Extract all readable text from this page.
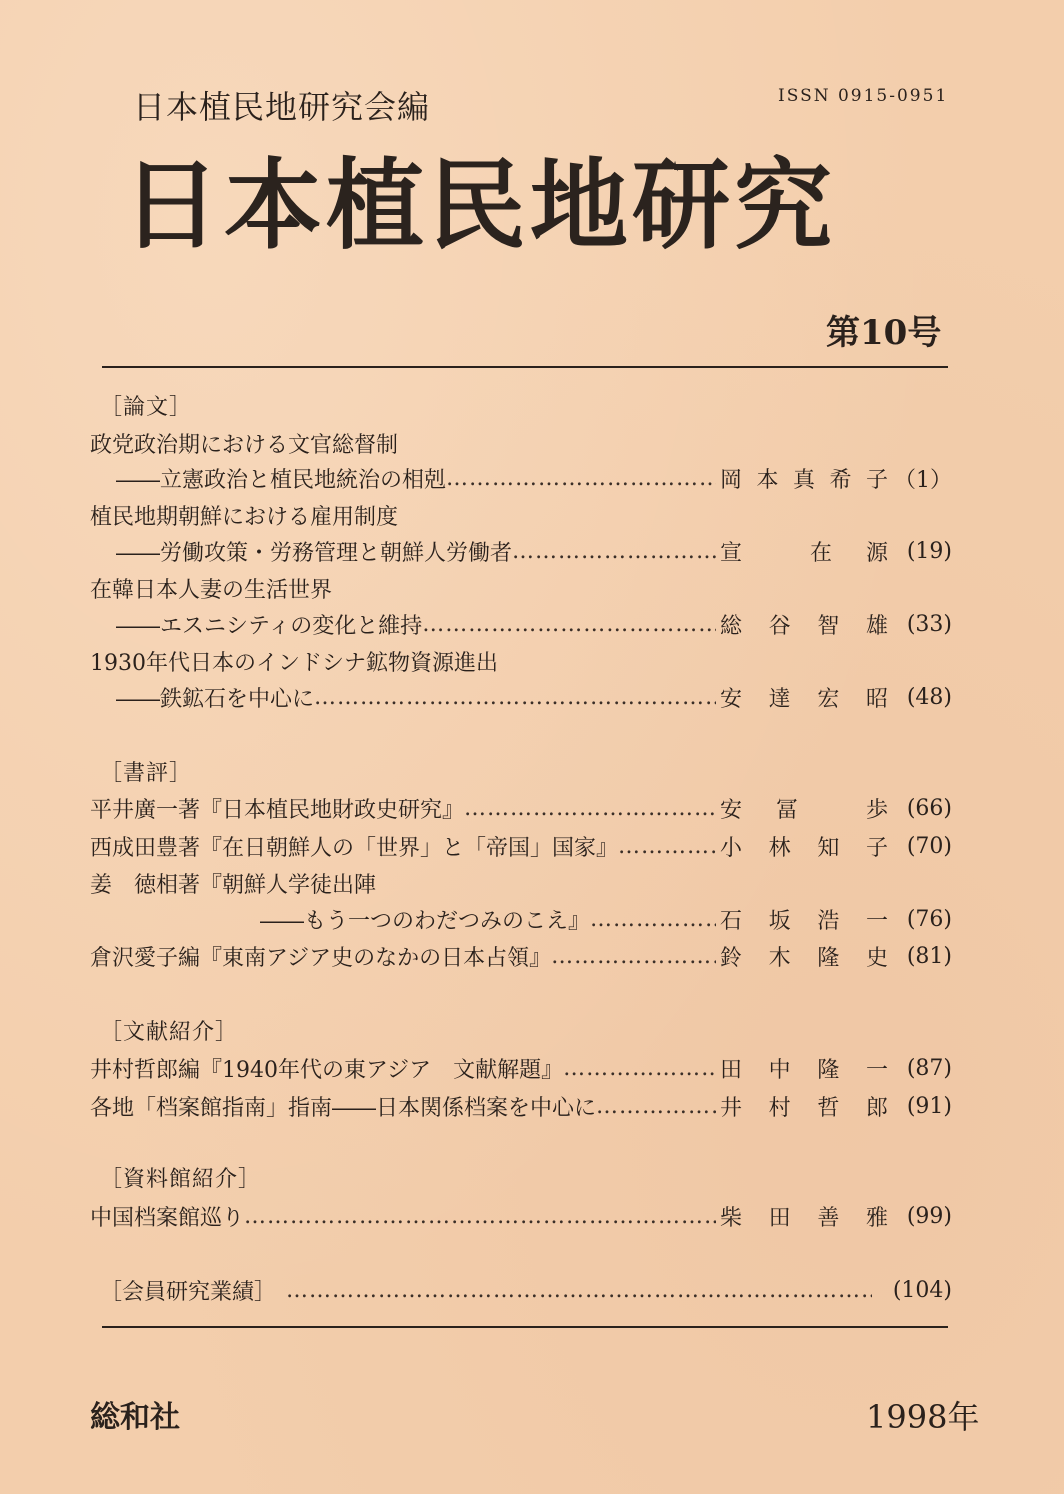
日本植民地研究会編	ISSN 0915-0951
日本植民地研究
第10号
［論文］
政党政治期における文官総督制
――立憲政治と植民地統治の相剋 …………………………………………………………………………………………………………	岡 本 真 希 子 （1）
植民地期朝鮮における雇用制度
――労働攻策・労務管理と朝鮮人労働者 …………………………………………………………………………………………………………	宣	在 源 (19)
在韓日本人妻の生活世界
――エスニシティの変化と維持 …………………………………………………………………………………………………………	総 谷 智 雄 (33)
1930年代日本のインドシナ鉱物資源進出
――鉄鉱石を中心に …………………………………………………………………………………………………………	安 達 宏 昭 (48)
［書評］
平井廣一著『日本植民地財政史研究』 …………………………………………………………………………………………………………	安 冨	歩 (66)
西成田豊著『在日朝鮮人の「世界」と「帝国」国家』 …………………………………………………………………………………………………………	小 林 知 子 (70)
姜　徳相著『朝鮮人学徒出陣
――もう一つのわだつみのこえ』 …………………………………………………………………………………………………………	石 坂 浩 一 (76)
倉沢愛子編『東南アジア史のなかの日本占領』 …………………………………………………………………………………………………………	鈴 木 隆 史 (81)
［文献紹介］
井村哲郎編『1940年代の東アジア　文献解題』 …………………………………………………………………………………………………………	田 中 隆 一 (87)
各地「档案館指南」指南――日本関係档案を中心に …………………………………………………………………………………………………………	井 村 哲 郎 (91)
［資料館紹介］
中国档案館巡り …………………………………………………………………………………………………………	柴 田 善 雅 (99)
［会員研究業績］ …………………………………………………………………………………………………………	(104)
総和社	1998年
